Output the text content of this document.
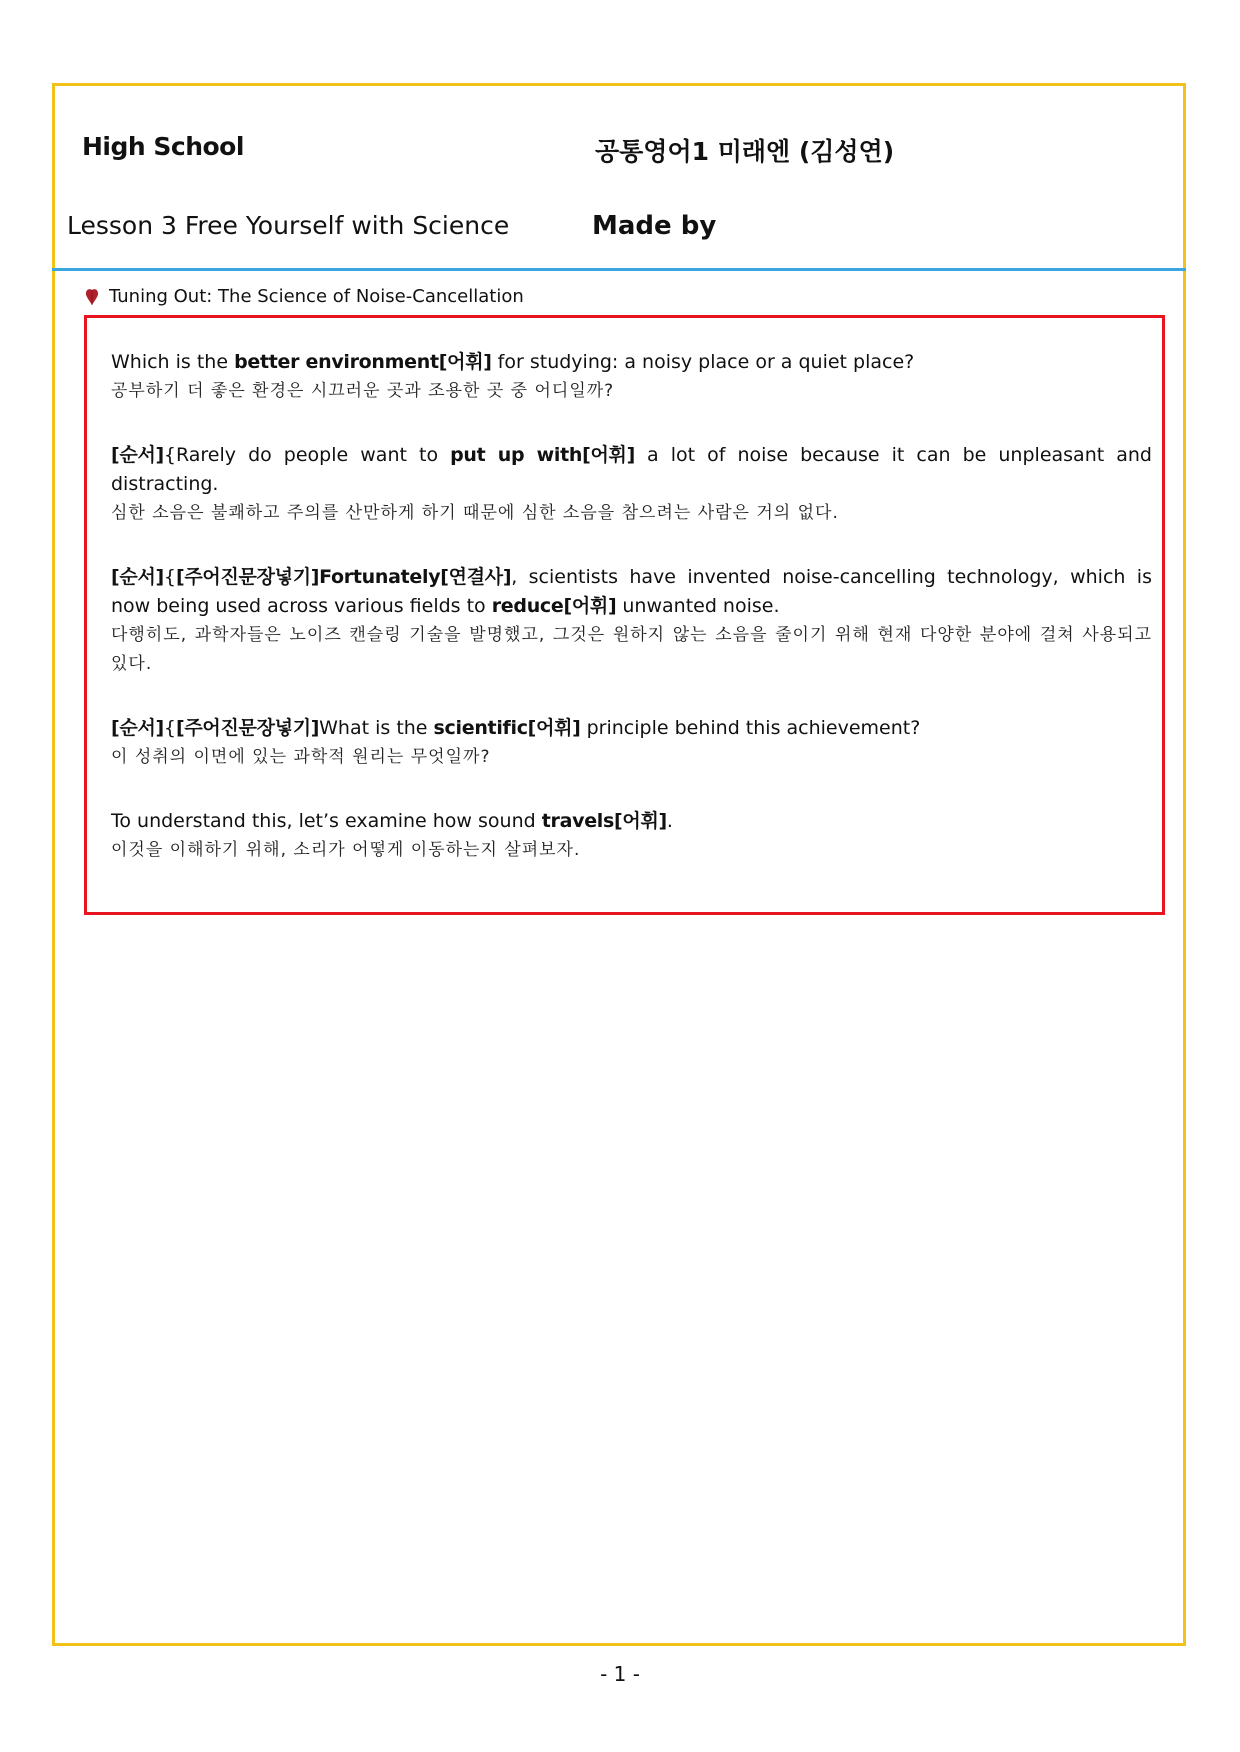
High School	공통영어1 미래엔 (김성연)
Lesson 3 Free Yourself with Science	Made by
Tuning Out: The Science of Noise-Cancellation
Which is the better environment[어휘] for studying: a noisy place or a quiet place?
공부하기 더 좋은 환경은 시끄러운 곳과 조용한 곳 중 어디일까?
[순서]{Rarely do people want to put up with[어휘] a lot of noise because it can be unpleasant and distracting.
심한 소음은 불쾌하고 주의를 산만하게 하기 때문에 심한 소음을 참으려는 사람은 거의 없다.
[순서]{[주어진문장넣기]Fortunately[연결사], scientists have invented noise-cancelling technology, which is now being used across various fields to reduce[어휘] unwanted noise.
다행히도, 과학자들은 노이즈 캔슬링 기술을 발명했고, 그것은 원하지 않는 소음을 줄이기 위해 현재 다양한 분야에 걸쳐 사용되고 있다.
[순서]{[주어진문장넣기]What is the scientific[어휘] principle behind this achievement?
이 성취의 이면에 있는 과학적 원리는 무엇일까?
To understand this, let’s examine how sound travels[어휘].
이것을 이해하기 위해, 소리가 어떻게 이동하는지 살펴보자.
- 1 -
